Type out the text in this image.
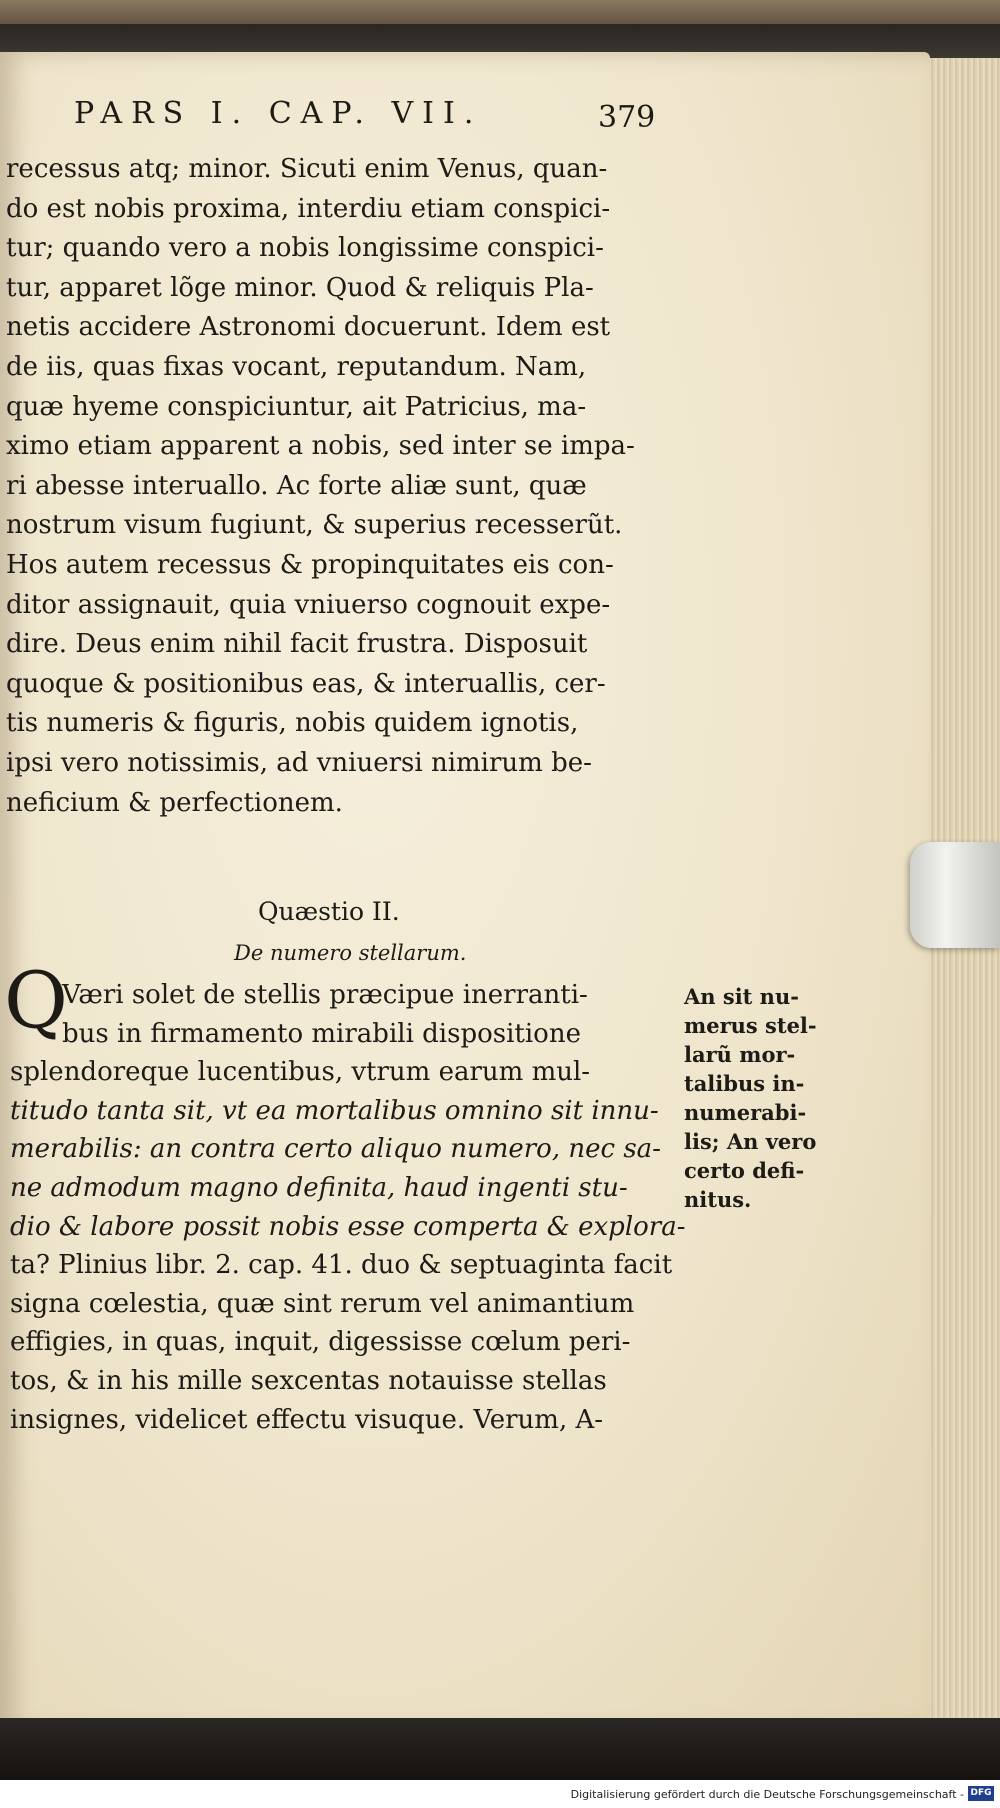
PARS I. CAP. VII.	379
recessus atq; minor. Sicuti enim Venus, quan-
do est nobis proxima, interdiu etiam conspici-
tur; quando vero a nobis longissime conspici-
tur, apparet lõge minor. Quod & reliquis Pla-
netis accidere Astronomi docuerunt. Idem est
de iis, quas fixas vocant, reputandum. Nam,
quæ hyeme conspiciuntur, ait Patricius, ma-
ximo etiam apparent a nobis, sed inter se impa-
ri abesse interuallo. Ac forte aliæ sunt, quæ
nostrum visum fugiunt, & superius recesserũt.
Hos autem recessus & propinquitates eis con-
ditor assignauit, quia vniuerso cognouit expe-
dire. Deus enim nihil facit frustra. Disposuit
quoque & positionibus eas, & interuallis, cer-
tis numeris & figuris, nobis quidem ignotis,
ipsi vero notissimis, ad vniuersi nimirum be-
neficium & perfectionem.
Quæstio II.
De numero stellarum.
Q
Væri solet de stellis præcipue inerranti-
bus in firmamento mirabili dispositione
splendoreque lucentibus, vtrum earum mul-
titudo tanta sit, vt ea mortalibus omnino sit innu-
merabilis: an contra certo aliquo numero, nec sa-
ne admodum magno definita, haud ingenti stu-
dio & labore possit nobis esse comperta & explora-
ta? Plinius libr. 2. cap. 41. duo & septuaginta facit
signa cœlestia, quæ sint rerum vel animantium
effigies, in quas, inquit, digessisse cœlum peri-
tos, & in his mille sexcentas notauisse stellas
insignes, videlicet effectu visuque. Verum, A-
An sit nu-
merus stel-
larũ mor-
talibus in-
numerabi-
lis; An vero
certo defi-
nitus.
Digitalisierung gefördert durch die Deutsche Forschungsgemeinschaft - DFG
